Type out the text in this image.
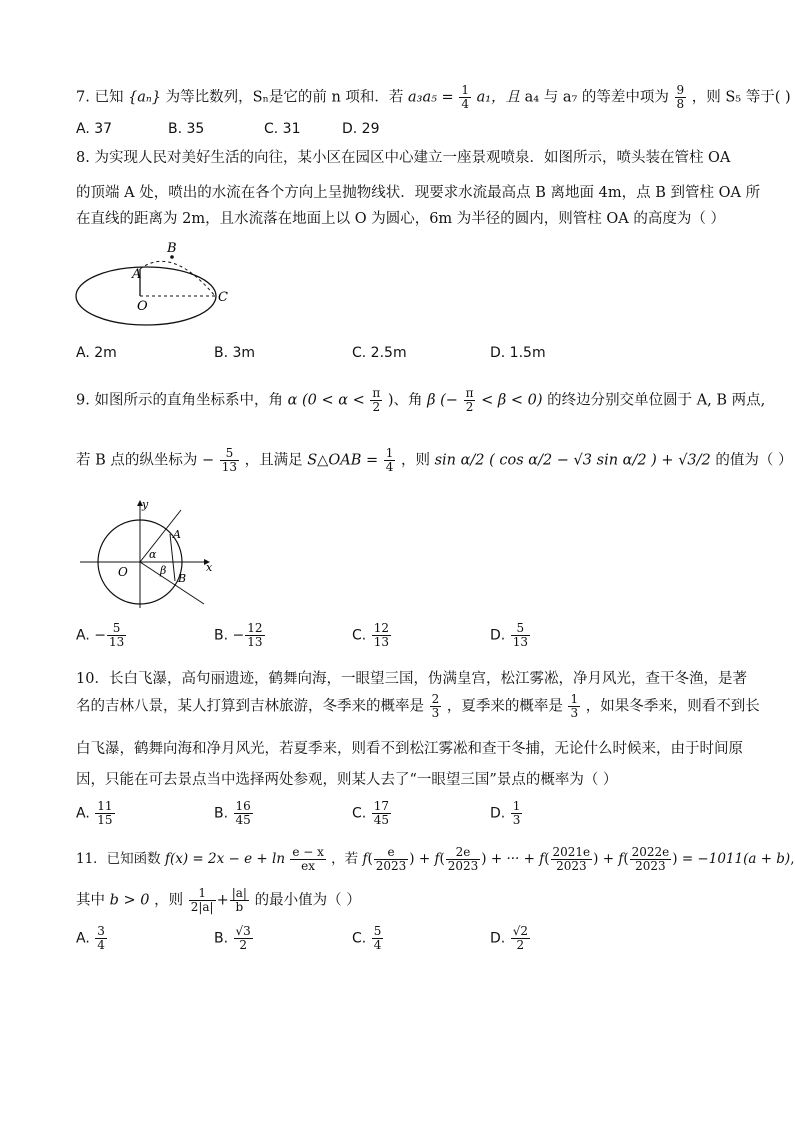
7. 已知 {aₙ} 为等比数列，Sₙ是它的前 n 项和．若 $a_3a_5 = \frac{1}{4} a_1$，且 a₄ 与 a₇ 的等差中项为 $\frac{9}{8}$ ，则 S₅ 等于( )
A. 37	B. 35	C. 31	D. 29
8. 为实现人民对美好生活的向往，某小区在园区中心建立一座景观喷泉．如图所示，喷头装在管柱 OA
的顶端 A 处，喷出的水流在各个方向上呈抛物线状．现要求水流最高点 B 离地面 4m，点 B 到管柱 OA 所
在直线的距离为 2m，且水流落在地面上以 O 为圆心，6m 为半径的圆内，则管柱 OA 的高度为（ ）
B
A
O
C
A. 2m	B. 3m	C. 2.5m	D. 1.5m
9. 如图所示的直角坐标系中，角 α ($0 < \alpha < \frac{\pi}{2}$ )、角 β (− $\frac{\pi}{2} < \beta < 0$) 的终边分别交单位圆于 A, B 两点,
若 B 点的纵坐标为 − $\frac{5}{13}$ ，且满足 S△OAB = $\frac{1}{4}$ ，则 sin α/2 ( cos α/2 − √3 sin α/2 ) + √3/2 的值为（ ）
x
y
O
A
B
α
β
A. − $\frac{5}{13}$	B. − $\frac{12}{13}$	C. $\frac{12}{13}$	D. $\frac{5}{13}$
10．长白飞瀑，高句丽遗迹，鹤舞向海，一眼望三国，伪满皇宫，松江雾凇，净月风光，查干冬渔，是著
名的吉林八景，某人打算到吉林旅游，冬季来的概率是 $\frac{2}{3}$ ，夏季来的概率是 $\frac{1}{3}$ ，如果冬季来，则看不到长
白飞瀑，鹤舞向海和净月风光，若夏季来，则看不到松江雾凇和查干冬捕，无论什么时候来，由于时间原
因，只能在可去景点当中选择两处参观，则某人去了“一眼望三国”景点的概率为（ ）
A. $\frac{11}{15}$	B. $\frac{16}{45}$	C. $\frac{17}{45}$	D. $\frac{1}{3}$
11．已知函数 $f(x) = 2x - e + \ln \frac{e - x}{ex}$ ，若 $f( \frac{e}{2023}$ ) + $f( \frac{2e}{2023}$ ) + ··· + $f( \frac{2021e}{2023}$ ) + $f( \frac{2022e}{2023}$ ) = −1011(a + b),
其中 b > 0 ，则 $\frac{1}{2|a|} + \frac{|a|}{b}$ 的最小值为（ ）
A. $\frac{3}{4}$	B. $\frac{√3}{2}$	C. $\frac{5}{4}$	D. $\frac{√2}{2}$
